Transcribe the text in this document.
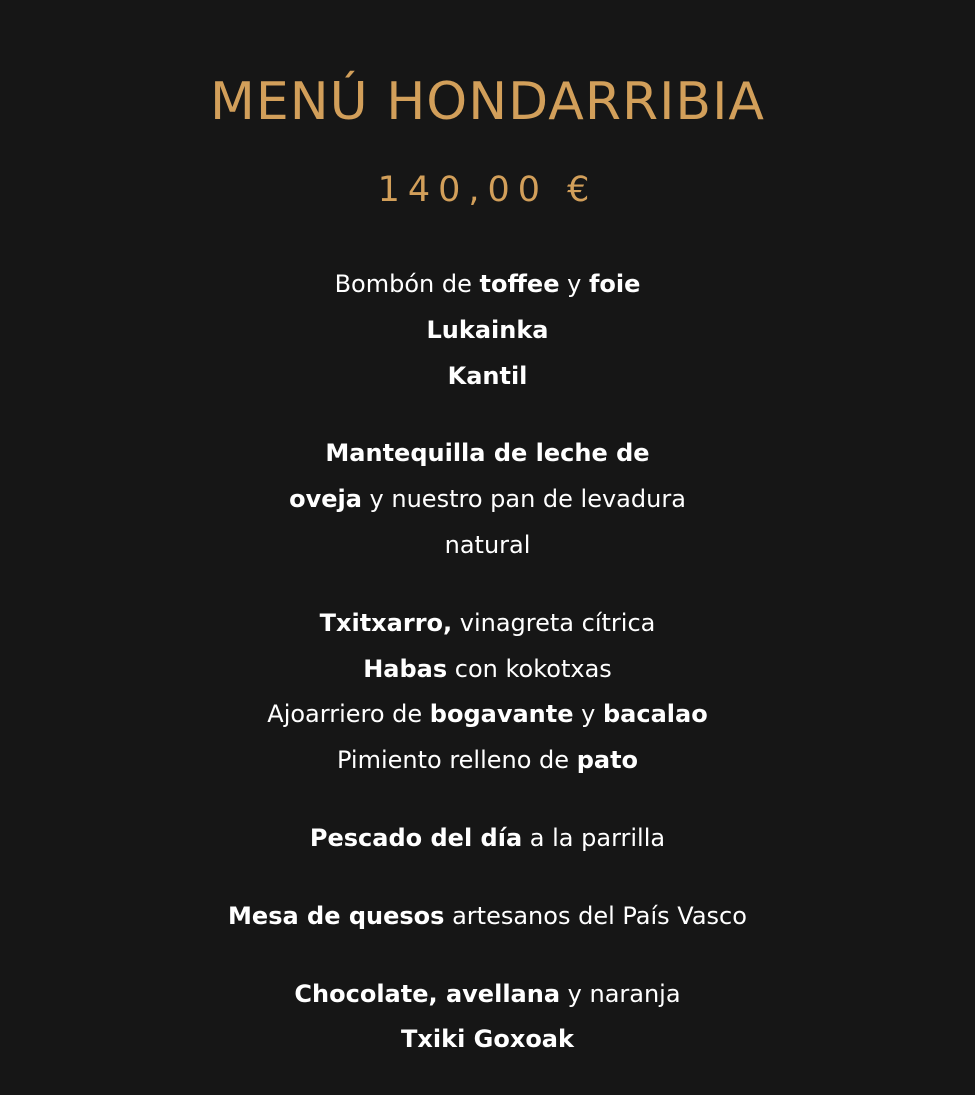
MENÚ HONDARRIBIA

140,00 €

Bombón de toffee y foie
Lukainka
Kantil
Mantequilla de leche de
oveja y nuestro pan de levadura
natural
Txitxarro, vinagreta cítrica
Habas con kokotxas
Ajoarriero de bogavante y bacalao
Pimiento relleno de pato
Pescado del día a la parrilla
Mesa de quesos artesanos del País Vasco
Chocolate, avellana y naranja
Txiki Goxoak
